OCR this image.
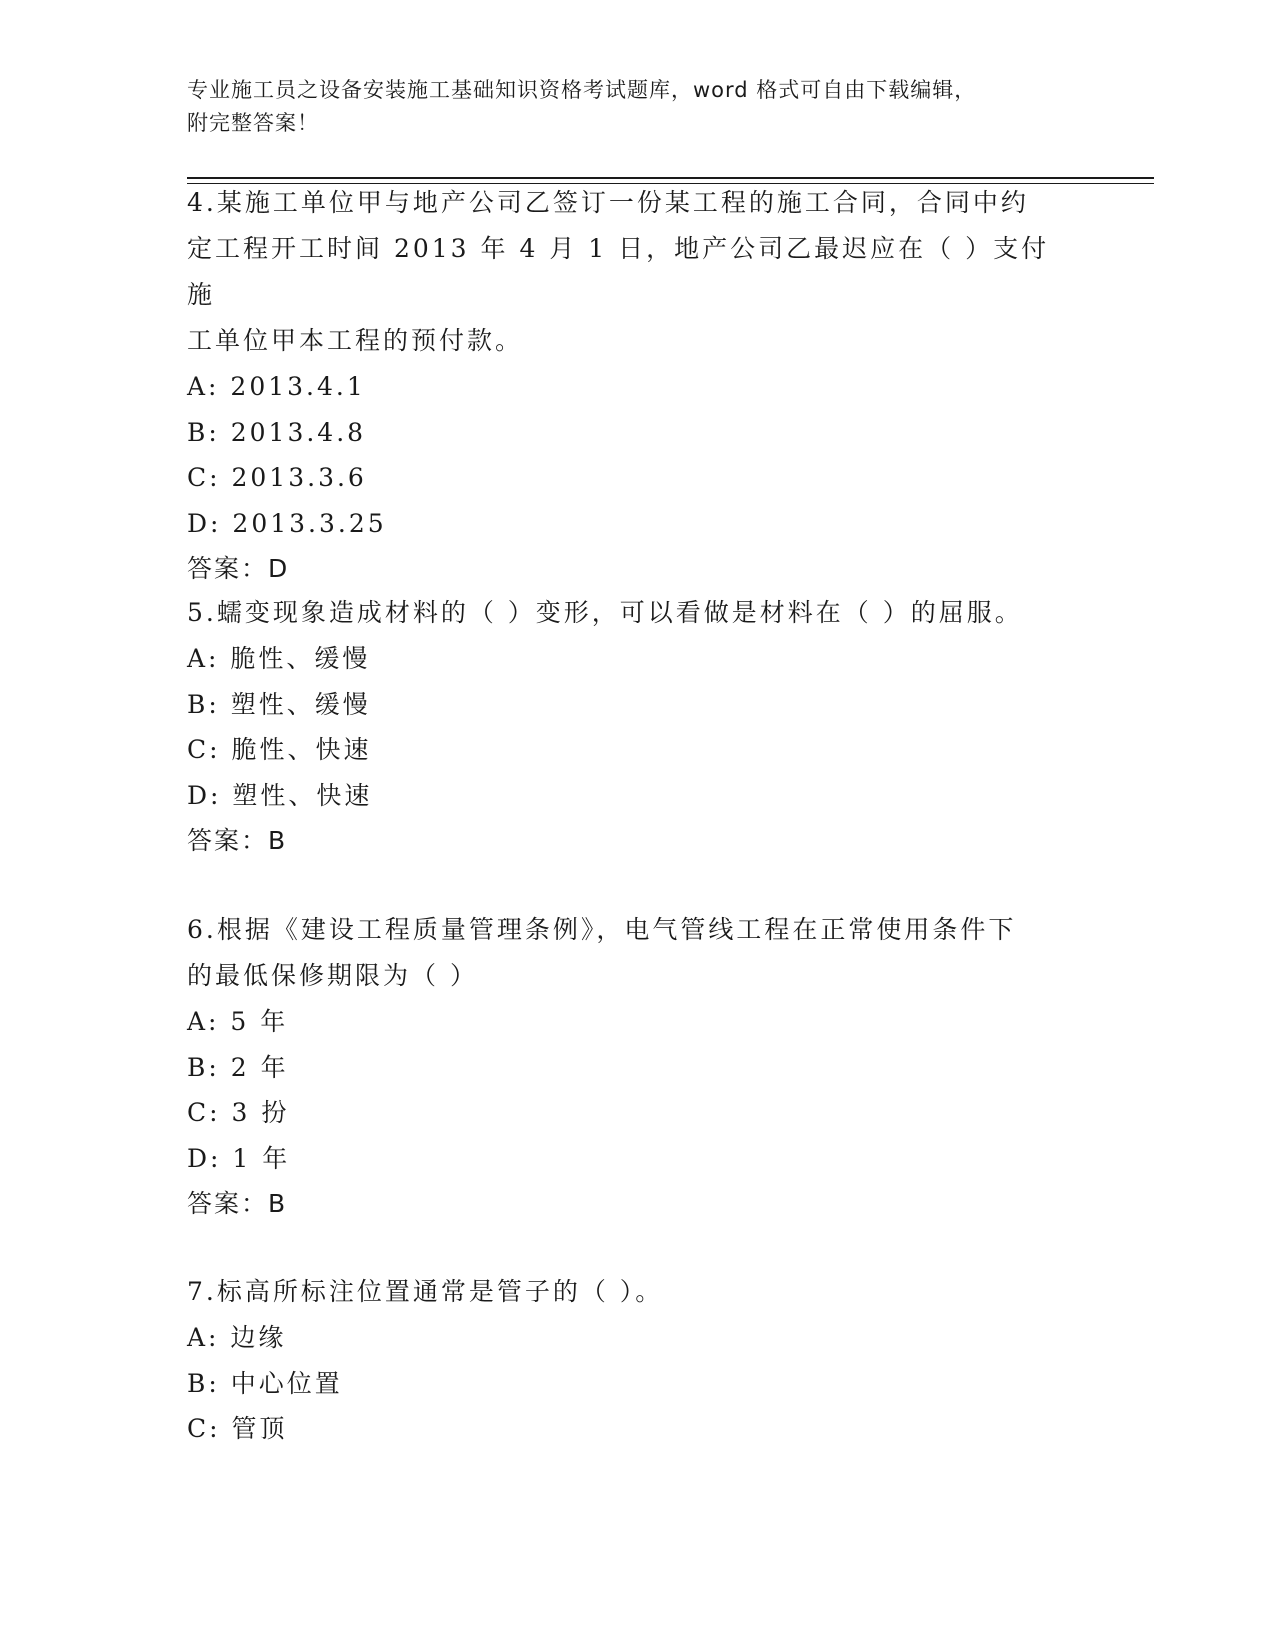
专业施工员之设备安装施工基础知识资格考试题库，word 格式可自由下载编辑，
附完整答案！

4.某施工单位甲与地产公司乙签订一份某工程的施工合同，合同中约

定工程开工时间 2013 年 4 月 1 日，地产公司乙最迟应在（ ）支付施

工单位甲本工程的预付款。

A: 2013.4.1

B: 2013.4.8

C: 2013.3.6

D: 2013.3.25

答案：D

5.蠕变现象造成材料的（ ）变形，可以看做是材料在（ ）的屈服。

A: 脆性、缓慢

B: 塑性、缓慢

C: 脆性、快速

D: 塑性、快速

答案：B

6.根据《建设工程质量管理条例》，电气管线工程在正常使用条件下

的最低保修期限为（ ）

A: 5 年

B: 2 年

C: 3 扮

D: 1 年

答案：B

7.标高所标注位置通常是管子的（ ）。

A: 边缘

B: 中心位置

C: 管顶
